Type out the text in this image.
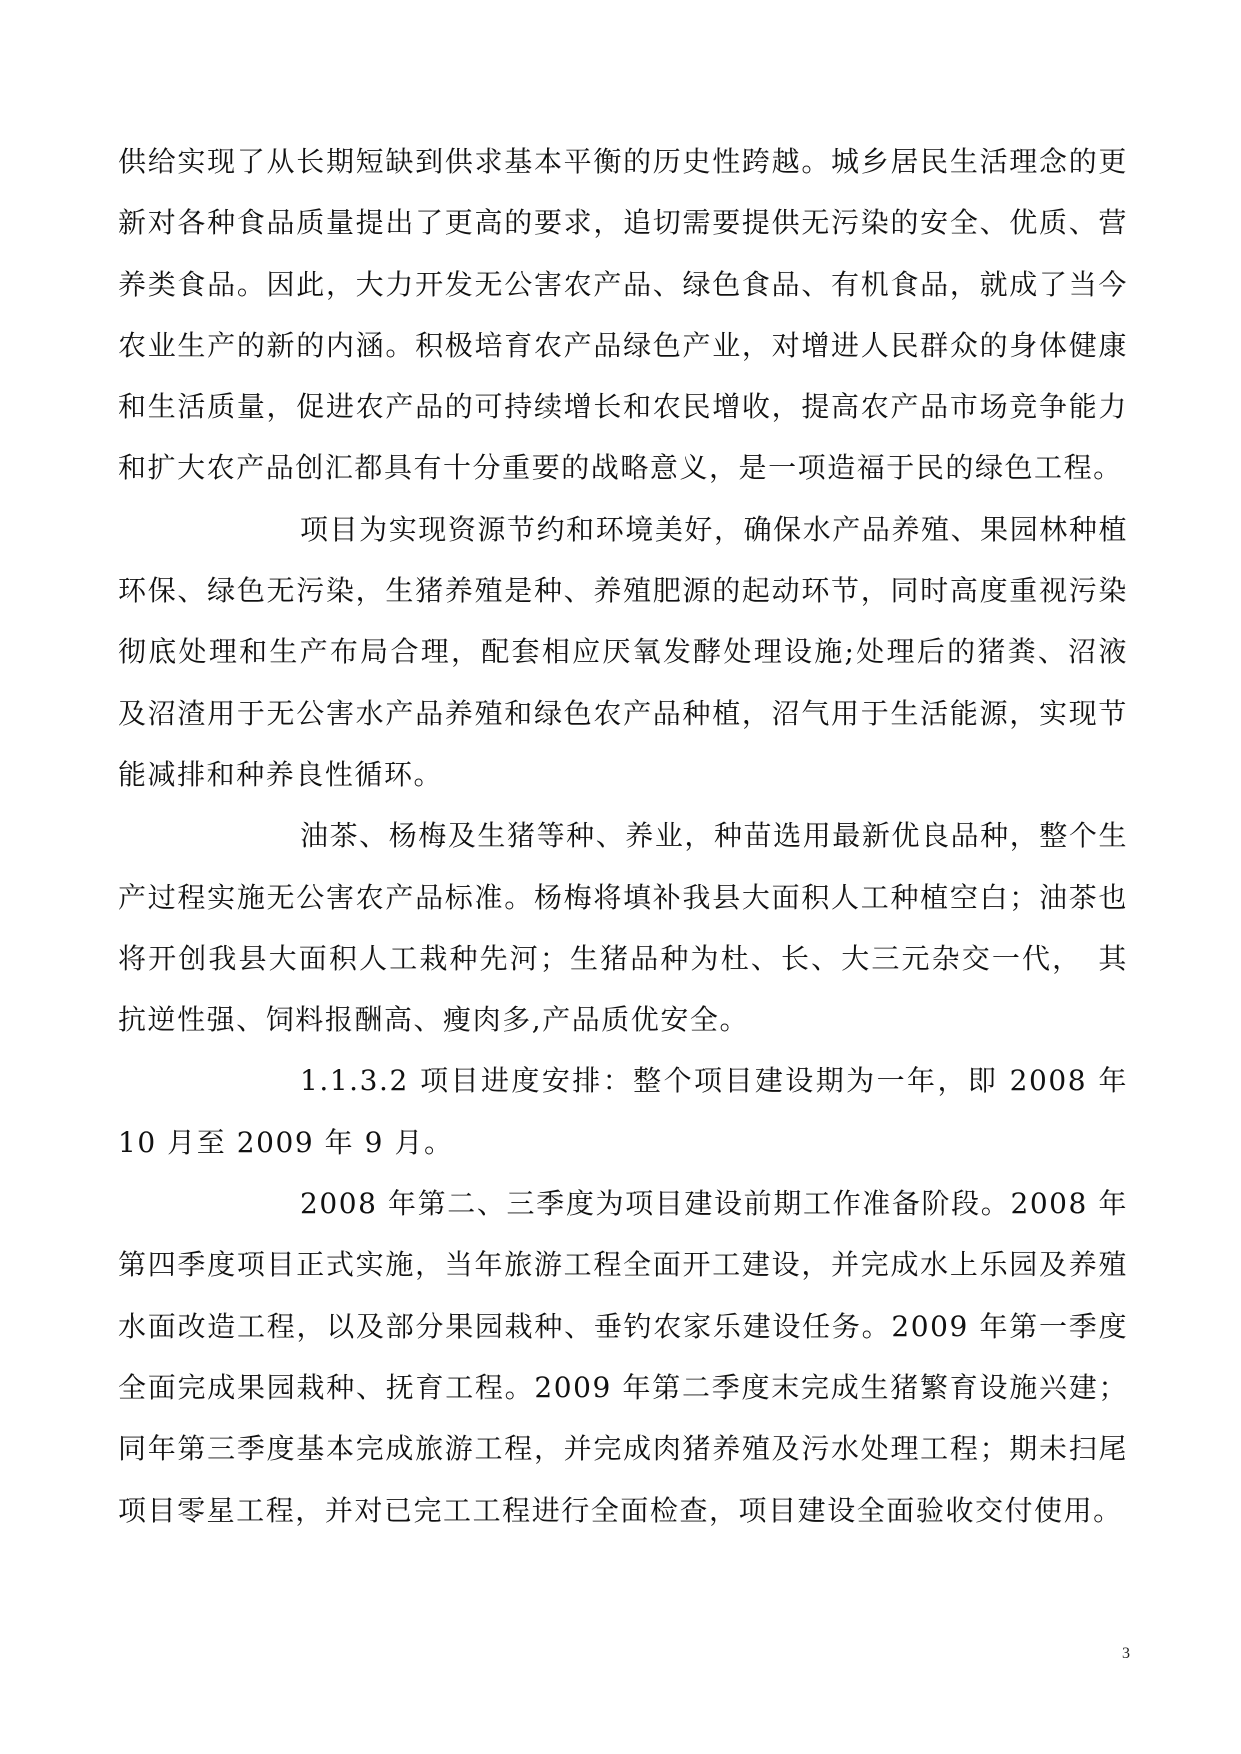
供给实现了从长期短缺到供求基本平衡的历史性跨越。城乡居民生活理念的更新对各种食品质量提出了更高的要求，追切需要提供无污染的安全、优质、营养类食品。因此，大力开发无公害农产品、绿色食品、有机食品，就成了当今农业生产的新的内涵。积极培育农产品绿色产业，对增进人民群众的身体健康和生活质量，促进农产品的可持续增长和农民增收，提高农产品市场竞争能力和扩大农产品创汇都具有十分重要的战略意义，是一项造福于民的绿色工程。

项目为实现资源节约和环境美好，确保水产品养殖、果园林种植环保、绿色无污染，生猪养殖是种、养殖肥源的起动环节，同时高度重视污染彻底处理和生产布局合理，配套相应厌氧发酵处理设施;处理后的猪粪、沼液及沼渣用于无公害水产品养殖和绿色农产品种植，沼气用于生活能源，实现节能减排和种养良性循环。

油茶、杨梅及生猪等种、养业，种苗选用最新优良品种，整个生产过程实施无公害农产品标准。杨梅将填补我县大面积人工种植空白；油茶也将开创我县大面积人工栽种先河；生猪品种为杜、长、大三元杂交一代，　其抗逆性强、饲料报酬高、瘦肉多,产品质优安全。

1.1.3.2 项目进度安排：整个项目建设期为一年，即 2008 年 10 月至 2009 年 9 月。

2008 年第二、三季度为项目建设前期工作准备阶段。2008 年第四季度项目正式实施，当年旅游工程全面开工建设，并完成水上乐园及养殖水面改造工程，以及部分果园栽种、垂钓农家乐建设任务。2009 年第一季度全面完成果园栽种、抚育工程。2009 年第二季度末完成生猪繁育设施兴建；同年第三季度基本完成旅游工程，并完成肉猪养殖及污水处理工程；期未扫尾项目零星工程，并对已完工工程进行全面检查，项目建设全面验收交付使用。

3
